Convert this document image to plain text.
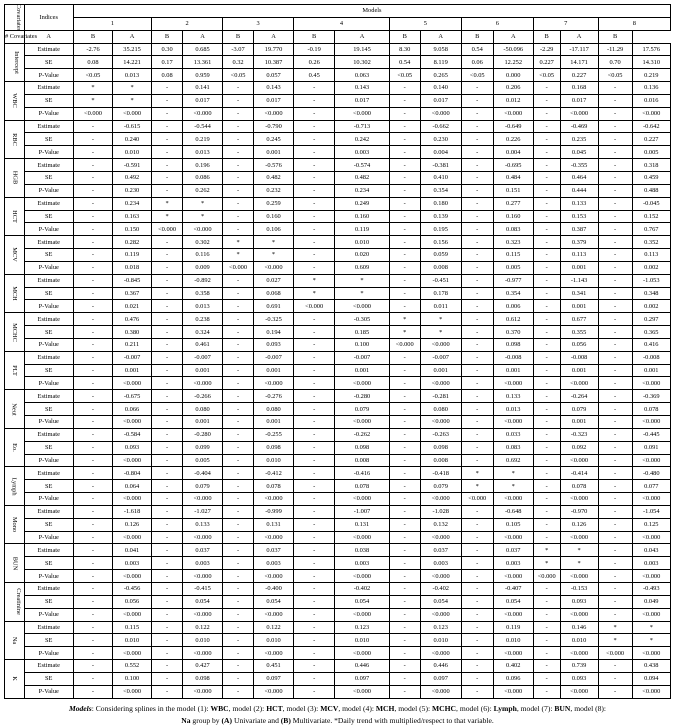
Covariates	Indices	Models															
		1		2		3		4		5		6		7		8	
# Covariates	A	B	A	B	A	B	A	B	A	B	A	B	A	B	A	B	
Intercept	Estimate	-2.76	35.215	0.30	0.685	-3.07	19.770	-0.19	19.145	8.30	9.058	0.54	-50.096	-2.29	-17.117	-11.29	17.576
	SE	0.08	14.221	0.17	13.361	0.32	10.387	0.26	10.302	0.54	8.119	0.06	12.252	0.227	14.171	0.70	14.310
	P-Value	<0.05	0.013	0.08	0.959	<0.05	0.057	0.45	0.063	<0.05	0.265	<0.05	0.000	<0.05	0.227	<0.05	0.219
WBC	Estimate	*	*	-	0.141	-	0.143	-	0.143	-	0.140	-	0.206	-	0.168	-	0.136
	SE	*	*	-	0.017	-	0.017	-	0.017	-	0.017	-	0.012	-	0.017	-	0.016
	P-Value	<0.000	<0.000	-	<0.000	-	<0.000	-	<0.000	-	<0.000	-	<0.000	-	<0.000	-	<0.000
RBC	Estimate	-	-0.615	-	-0.544	-	-0.790	-	-0.713	-	-0.662	-	-0.649	-	-0.469	-	-0.642
	SE	-	0.240	-	0.219	-	0.245	-	0.242	-	0.230	-	0.226	-	0.235	-	0.227
	P-Value	-	0.010	-	0.013	-	0.001	-	0.003	-	0.004	-	0.004	-	0.045	-	0.005
HGB	Estimate	-	-0.591	-	0.196	-	-0.576	-	-0.574	-	-0.381	-	-0.695	-	-0.355	-	0.318
	SE	-	0.492	-	0.086	-	0.482	-	0.482	-	0.410	-	0.484	-	0.464	-	0.459
	P-Value	-	0.230	-	0.262	-	0.232	-	0.234	-	0.354	-	0.151	-	0.444	-	0.488
HCT	Estimate	-	0.234	*	*	-	0.259	-	0.249	-	0.180	-	0.277	-	0.133	-	-0.045
	SE	-	0.163	*	*	-	0.160	-	0.160	-	0.139	-	0.160	-	0.153	-	0.152
	P-Value	-	0.150	<0.000	<0.000	-	0.106	-	0.119	-	0.195	-	0.083	-	0.387	-	0.767
MCV	Estimate	-	0.282	-	0.302	*	*	-	0.010	-	0.156	-	0.323	-	0.379	-	0.352
	SE	-	0.119	-	0.116	*	*	-	0.020	-	0.059	-	0.115	-	0.113	-	0.113
	P-Value	-	0.018	-	0.009	<0.000	<0.000	-	0.609	-	0.008	-	0.005	-	0.001	-	0.002
MCH	Estimate	-	-0.845	-	-0.892	-	0.027	*	*	-	-0.451	-	-0.977	-	-1.143	-	-1.053
	SE	-	0.367	-	0.358	-	0.068	*	*	-	0.178	-	0.354	-	0.341	-	0.348
	P-Value	-	0.021	-	0.013	-	0.691	<0.000	<0.000	-	0.011	-	0.006	-	0.001	-	0.002
MCHC	Estimate	-	0.476	-	0.238	-	-0.325	-	-0.305	*	*	-	0.612	-	0.677	-	0.297
	SE	-	0.380	-	0.324	-	0.194	-	0.185	*	*	-	0.370	-	0.355	-	0.365
	P-Value	-	0.211	-	0.461	-	0.093	-	0.100	<0.000	<0.000	-	0.098	-	0.056	-	0.416
PLT	Estimate	-	-0.007	-	-0.007	-	-0.007	-	-0.007	-	-0.007	-	-0.008	-	-0.008	-	-0.008
	SE	-	0.001	-	0.001	-	0.001	-	0.001	-	0.001	-	0.001	-	0.001	-	0.001
	P-Value	-	<0.000	-	<0.000	-	<0.000	-	<0.000	-	<0.000	-	<0.000	-	<0.000	-	<0.000
Neut	Estimate	-	-0.675	-	-0.266	-	-0.276	-	-0.280	-	-0.281	-	0.133	-	-0.264	-	-0.369
	SE	-	0.066	-	0.080	-	0.080	-	0.079	-	0.080	-	0.013	-	0.079	-	0.078
	P-Value	-	<0.000	-	0.001	-	0.001	-	<0.000	-	<0.000	-	<0.000	-	0.001	-	<0.000
Eo.	Estimate	-	-0.584	-	-0.280	-	-0.255	-	-0.262	-	-0.263	-	0.033	-	-0.323	-	-0.445
	SE	-	0.093	-	0.099	-	0.098	-	0.098	-	0.098	-	0.083	-	0.092	-	0.091
	P-Value	-	<0.000	-	0.005	-	0.010	-	0.008	-	0.008	-	0.692	-	<0.000	-	<0.000
Lymph	Estimate	-	-0.804	-	-0.404	-	-0.412	-	-0.416	-	-0.418	*	*	-	-0.414	-	-0.480
	SE	-	0.064	-	0.079	-	0.078	-	0.078	-	0.079	*	*	-	0.078	-	0.077
	P-Value	-	<0.000	-	<0.000	-	<0.000	-	<0.000	-	<0.000	<0.000	<0.000	-	<0.000	-	<0.000
Mono	Estimate	-	-1.618	-	-1.027	-	-0.999	-	-1.007	-	-1.028	-	-0.648	-	-0.970	-	-1.054
	SE	-	0.126	-	0.133	-	0.131	-	0.131	-	0.132	-	0.105	-	0.126	-	0.125
	P-Value	-	<0.000	-	<0.000	-	<0.000	-	<0.000	-	<0.000	-	<0.000	-	<0.000	-	<0.000
BUN	Estimate	-	0.041	-	0.037	-	0.037	-	0.038	-	0.037	-	0.037	*	*	-	0.043
	SE	-	0.003	-	0.003	-	0.003	-	0.003	-	0.003	-	0.003	*	*	-	0.003
	P-Value	-	<0.000	-	<0.000	-	<0.000	-	<0.000	-	<0.000	-	<0.000	<0.000	<0.000	-	<0.000
Creatinine	Estimate	-	-0.456	-	-0.415	-	-0.400	-	-0.402	-	-0.402	-	-0.407	-	-0.153	-	-0.493
	SE	-	0.056	-	0.054	-	0.054	-	0.054	-	0.054	-	0.054	-	0.093	-	0.049
	P-Value	-	<0.000	-	<0.000	-	<0.000	-	<0.000	-	<0.000	-	<0.000	-	<0.000	-	<0.000
Na	Estimate	-	0.115	-	0.122	-	0.122	-	0.123	-	0.123	-	0.119	-	0.146	*	*
	SE	-	0.010	-	0.010	-	0.010	-	0.010	-	0.010	-	0.010	-	0.010	*	*
	P-Value	-	<0.000	-	<0.000	-	<0.000	-	<0.000	-	<0.000	-	<0.000	-	<0.000	<0.000	<0.000
K	Estimate	-	0.552	-	0.427	-	0.451	-	0.446	-	0.446	-	0.402	-	0.739	-	0.438
	SE	-	0.100	-	0.098	-	0.097	-	0.097	-	0.097	-	0.096	-	0.093	-	0.094
	P-Value	-	<0.000	-	<0.000	-	<0.000	-	<0.000	-	<0.000	-	<0.000	-	<0.000	-	<0.000
Models: Considering splines in the model (1): WBC, model (2): HCT, model (3): MCV, model (4): MCH, model (5): MCHC, model (6): Lymph, model (7): BUN, model (8):
Na group by (A) Univariate and (B) Multivariate. *Daily trend with multiplied/respect to that variable.
